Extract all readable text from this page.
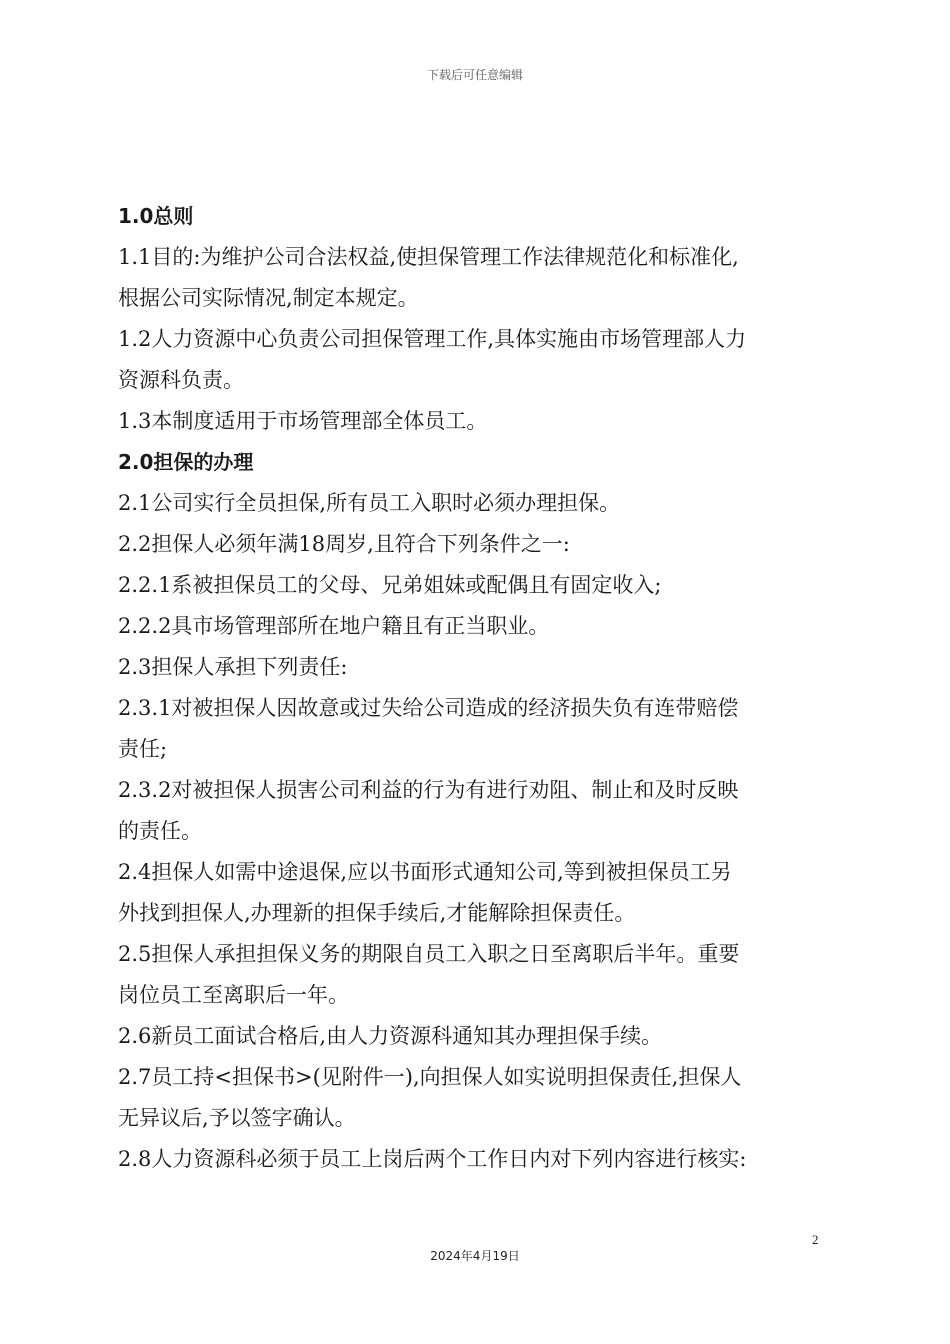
下载后可任意编辑
1.0总则
1.1目的:为维护公司合法权益,使担保管理工作法律规范化和标准化,
根据公司实际情况,制定本规定。
1.2人力资源中心负责公司担保管理工作,具体实施由市场管理部人力
资源科负责。
1.3本制度适用于市场管理部全体员工。
2.0担保的办理
2.1公司实行全员担保,所有员工入职时必须办理担保。
2.2担保人必须年满18周岁,且符合下列条件之一:
2.2.1系被担保员工的父母、兄弟姐妹或配偶且有固定收入;
2.2.2具市场管理部所在地户籍且有正当职业。
2.3担保人承担下列责任:
2.3.1对被担保人因故意或过失给公司造成的经济损失负有连带赔偿
责任;
2.3.2对被担保人损害公司利益的行为有进行劝阻、制止和及时反映
的责任。
2.4担保人如需中途退保,应以书面形式通知公司,等到被担保员工另
外找到担保人,办理新的担保手续后,才能解除担保责任。
2.5担保人承担担保义务的期限自员工入职之日至离职后半年。重要
岗位员工至离职后一年。
2.6新员工面试合格后,由人力资源科通知其办理担保手续。
2.7员工持<担保书>(见附件一),向担保人如实说明担保责任,担保人
无异议后,予以签字确认。
2.8人力资源科必须于员工上岗后两个工作日内对下列内容进行核实:
2
2024年4月19日
